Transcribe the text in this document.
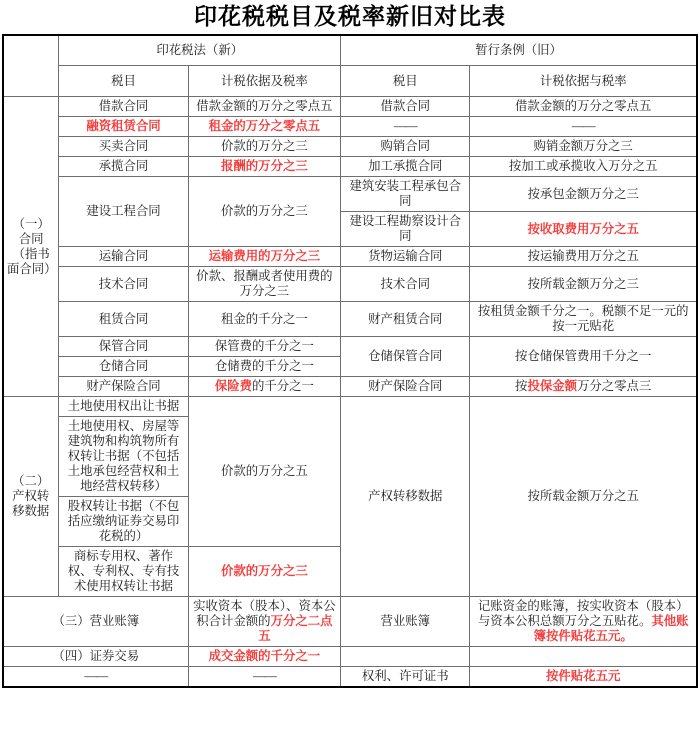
印花税税目及税率新旧对比表
	印花税法（新）		暂行条例（旧）	
	税目	计税依据及税率	税目	计税依据与税率
（一）合同（指书面合同）	借款合同	借款金额的万分之零点五	借款合同	借款金额的万分之零点五
	融资租赁合同	租金的万分之零点五	——	——
	买卖合同	价款的万分之三	购销合同	购销金额万分之三
	承揽合同	报酬的万分之三	加工承揽合同	按加工或承揽收入万分之五
	建设工程合同	价款的万分之三	建筑安装工程承包合同	按承包金额万分之三
			建设工程勘察设计合同	按收取费用万分之五
	运输合同	运输费用的万分之三	货物运输合同	按运输费用万分之五
	技术合同	价款、报酬或者使用费的万分之三	技术合同	按所载金额万分之三
	租赁合同	租金的千分之一	财产租赁合同	按租赁金额千分之一。税额不足一元的按一元贴花
	保管合同	保管费的千分之一	仓储保管合同	按仓储保管费用千分之一
	仓储合同	仓储费的千分之一		
	财产保险合同	保险费的千分之一	财产保险合同	按投保金额万分之零点三
（二）产权转移数据	土地使用权出让书据	价款的万分之五	产权转移数据	按所载金额万分之五
	土地使用权、房屋等建筑物和构筑物所有权转让书据（不包括土地承包经营权和土地经营权转移）			
	股权转让书据（不包括应缴纳证券交易印花税的）			
	商标专用权、著作权、专利权、专有技术使用权转让书据	价款的万分之三		
（三）营业账簿		实收资本（股本）、资本公积合计金额的万分之二点五	营业账簿	记账资金的账簿，按实收资本（股本）与资本公积总额万分之五贴花。其他账簿按件贴花五元。
（四）证券交易		成交金额的千分之一		
——		——	权利、许可证书	按件贴花五元
